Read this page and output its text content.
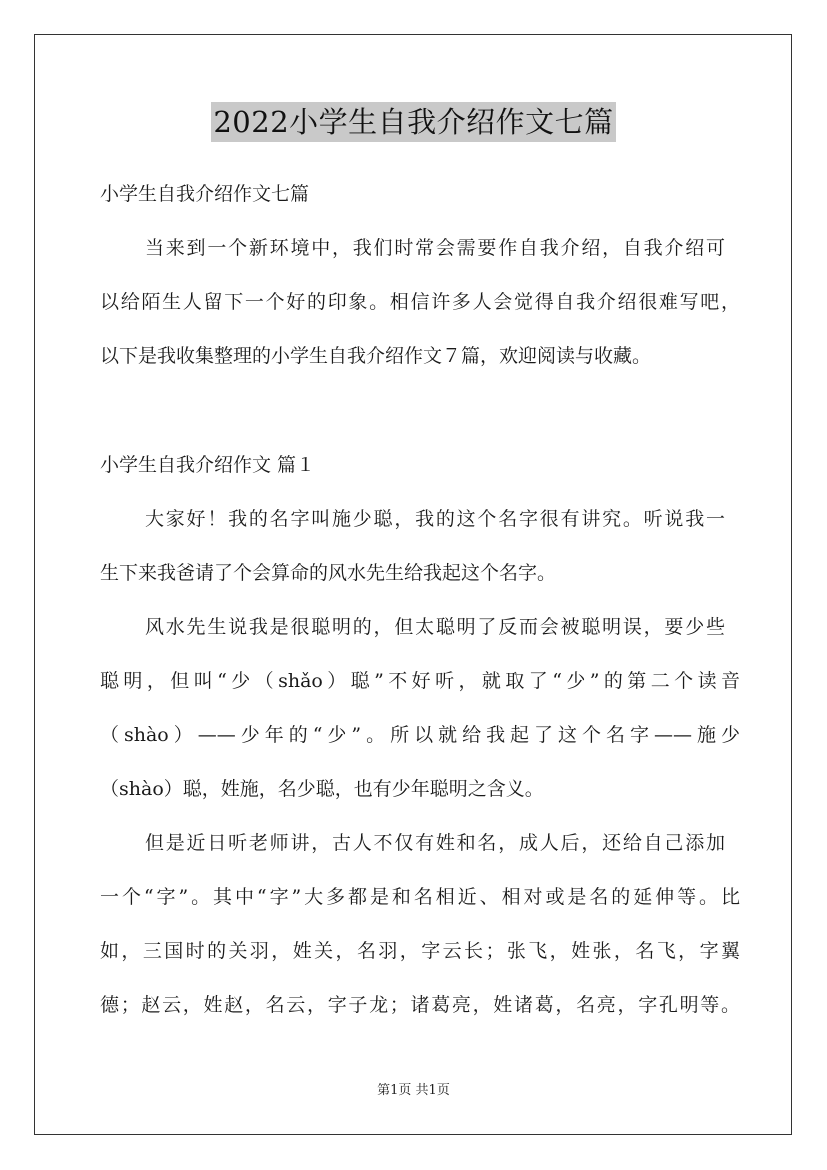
2022小学生自我介绍作文七篇
小学生自我介绍作文七篇
当来到一个新环境中，我们时常会需要作自我介绍，自我介绍可
以给陌生人留下一个好的印象。相信许多人会觉得自我介绍很难写吧，
以下是我收集整理的小学生自我介绍作文７篇，欢迎阅读与收藏。
小学生自我介绍作文 篇１
大家好！我的名字叫施少聪，我的这个名字很有讲究。听说我一
生下来我爸请了个会算命的风水先生给我起这个名字。
风水先生说我是很聪明的，但太聪明了反而会被聪明误，要少些
聪明，但叫“少（shǎo）聪”不好听，就取了“少”的第二个读音
（shào）——少年的“少”。所以就给我起了这个名字——施少
（shào）聪，姓施，名少聪，也有少年聪明之含义。
但是近日听老师讲，古人不仅有姓和名，成人后，还给自己添加
一个“字”。其中“字”大多都是和名相近、相对或是名的延伸等。比
如，三国时的关羽，姓关，名羽，字云长；张飞，姓张，名飞，字翼
德；赵云，姓赵，名云，字子龙；诸葛亮，姓诸葛，名亮，字孔明等。
第1页 共1页
